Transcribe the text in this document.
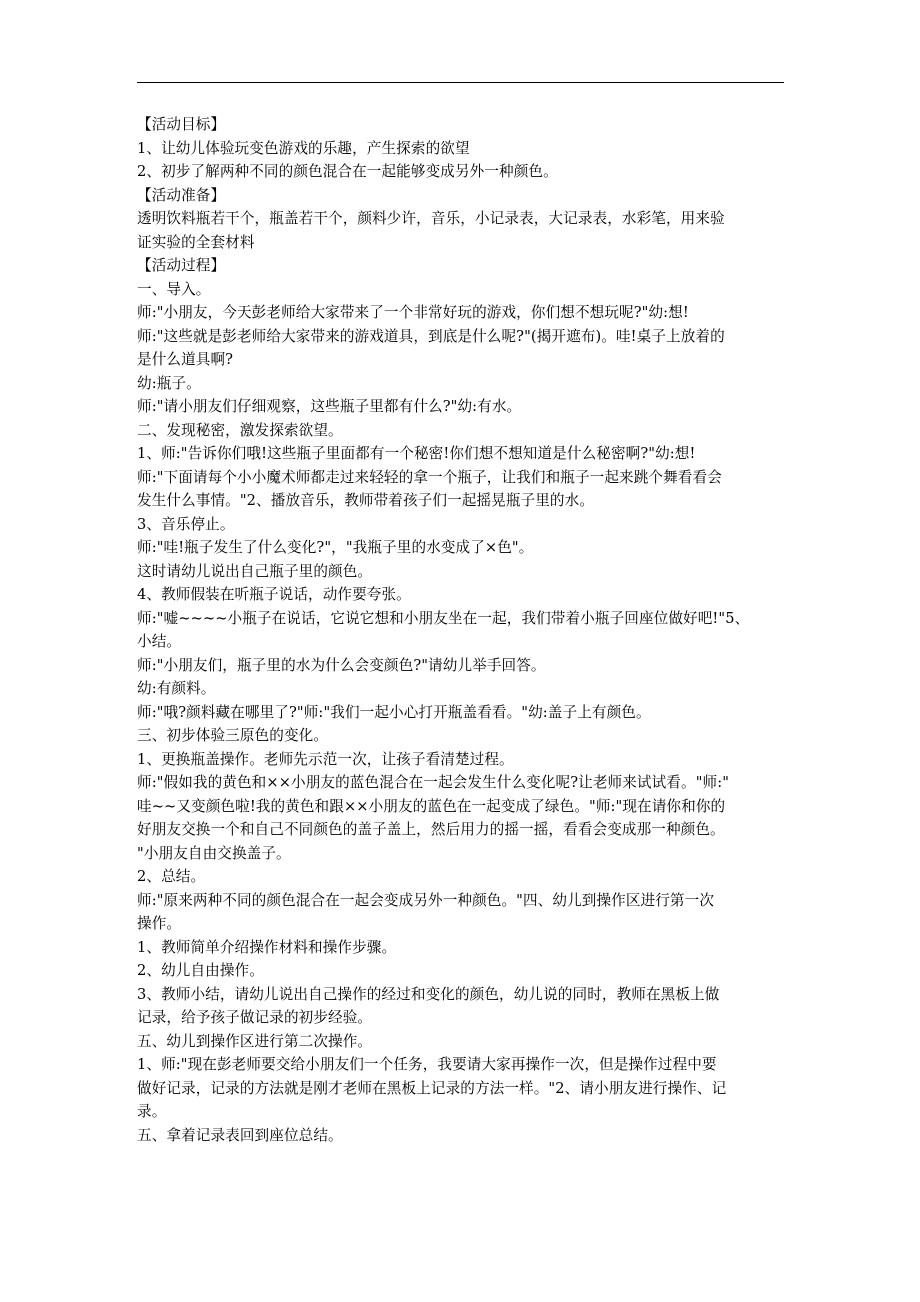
【活动目标】
1、让幼儿体验玩变色游戏的乐趣，产生探索的欲望
2、初步了解两种不同的颜色混合在一起能够变成另外一种颜色。
【活动准备】
透明饮料瓶若干个，瓶盖若干个，颜料少许，音乐，小记录表，大记录表，水彩笔，用来验
证实验的全套材料
【活动过程】
一、导入。
师:"小朋友，今天彭老师给大家带来了一个非常好玩的游戏，你们想不想玩呢?"幼:想!
师:"这些就是彭老师给大家带来的游戏道具，到底是什么呢?"(揭开遮布)。哇!桌子上放着的
是什么道具啊?
幼:瓶子。
师:"请小朋友们仔细观察，这些瓶子里都有什么?"幼:有水。
二、发现秘密，激发探索欲望。
1、师:"告诉你们哦!这些瓶子里面都有一个秘密!你们想不想知道是什么秘密啊?"幼:想!
师:"下面请每个小小魔术师都走过来轻轻的拿一个瓶子，让我们和瓶子一起来跳个舞看看会
发生什么事情。"2、播放音乐，教师带着孩子们一起摇晃瓶子里的水。
3、音乐停止。
师:"哇!瓶子发生了什么变化?"，"我瓶子里的水变成了×色"。
这时请幼儿说出自己瓶子里的颜色。
4、教师假装在听瓶子说话，动作要夸张。
师:"嘘~~~~小瓶子在说话，它说它想和小朋友坐在一起，我们带着小瓶子回座位做好吧!"5、
小结。
师:"小朋友们，瓶子里的水为什么会变颜色?"请幼儿举手回答。
幼:有颜料。
师:"哦?颜料藏在哪里了?"师:"我们一起小心打开瓶盖看看。"幼:盖子上有颜色。
三、初步体验三原色的变化。
1、更换瓶盖操作。老师先示范一次，让孩子看清楚过程。
师:"假如我的黄色和××小朋友的蓝色混合在一起会发生什么变化呢?让老师来试试看。"师:"
哇~~又变颜色啦!我的黄色和跟××小朋友的蓝色在一起变成了绿色。"师:"现在请你和你的
好朋友交换一个和自己不同颜色的盖子盖上，然后用力的摇一摇，看看会变成那一种颜色。
"小朋友自由交换盖子。
2、总结。
师:"原来两种不同的颜色混合在一起会变成另外一种颜色。"四、幼儿到操作区进行第一次
操作。
1、教师简单介绍操作材料和操作步骤。
2、幼儿自由操作。
3、教师小结，请幼儿说出自己操作的经过和变化的颜色，幼儿说的同时，教师在黑板上做
记录，给予孩子做记录的初步经验。
五、幼儿到操作区进行第二次操作。
1、师:"现在彭老师要交给小朋友们一个任务，我要请大家再操作一次，但是操作过程中要
做好记录，记录的方法就是刚才老师在黑板上记录的方法一样。"2、请小朋友进行操作、记
录。
五、拿着记录表回到座位总结。
